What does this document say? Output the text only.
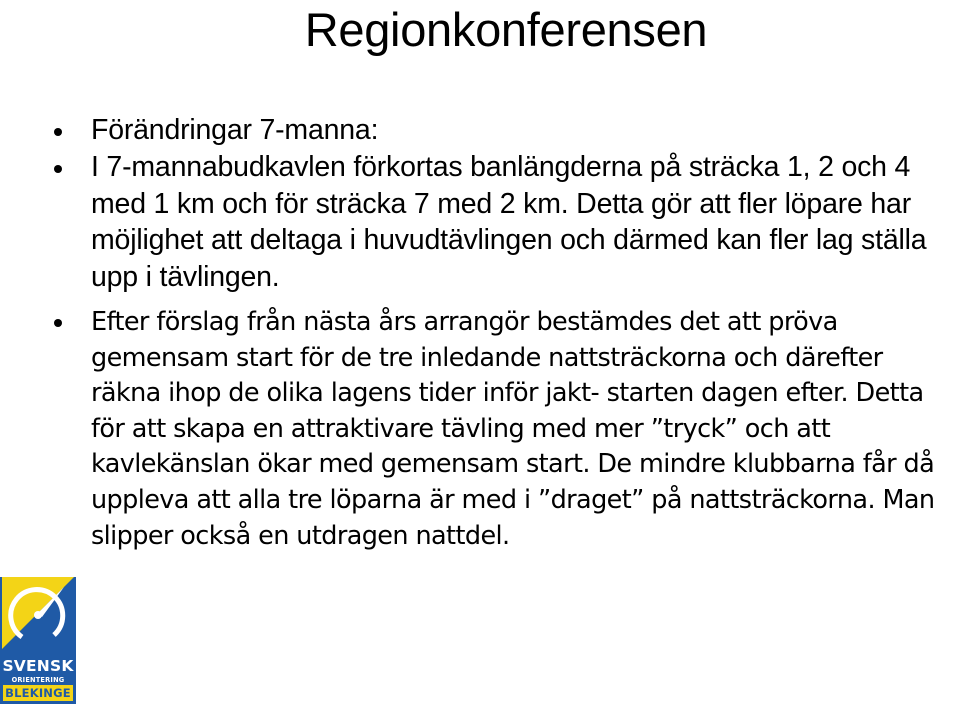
Regionkonferensen
Förändringar 7-manna:
I 7-mannabudkavlen förkortas banlängderna på sträcka 1, 2 och 4 med 1 km och för sträcka 7 med 2 km. Detta gör att fler löpare har möjlighet att deltaga i huvudtävlingen och därmed kan fler lag ställa upp i tävlingen.
Efter förslag från nästa års arrangör bestämdes det att pröva gemensam start för de tre inledande nattsträckorna och därefter räkna ihop de olika lagens tider inför jakt- starten dagen efter. Detta för att skapa en attraktivare tävling med mer ”tryck” och att kavlekänslan ökar med gemensam start. De mindre klubbarna får då uppleva att alla tre löparna är med i ”draget” på nattsträckorna. Man slipper också en utdragen nattdel.
SVENSK
ORIENTERING
BLEKINGE
